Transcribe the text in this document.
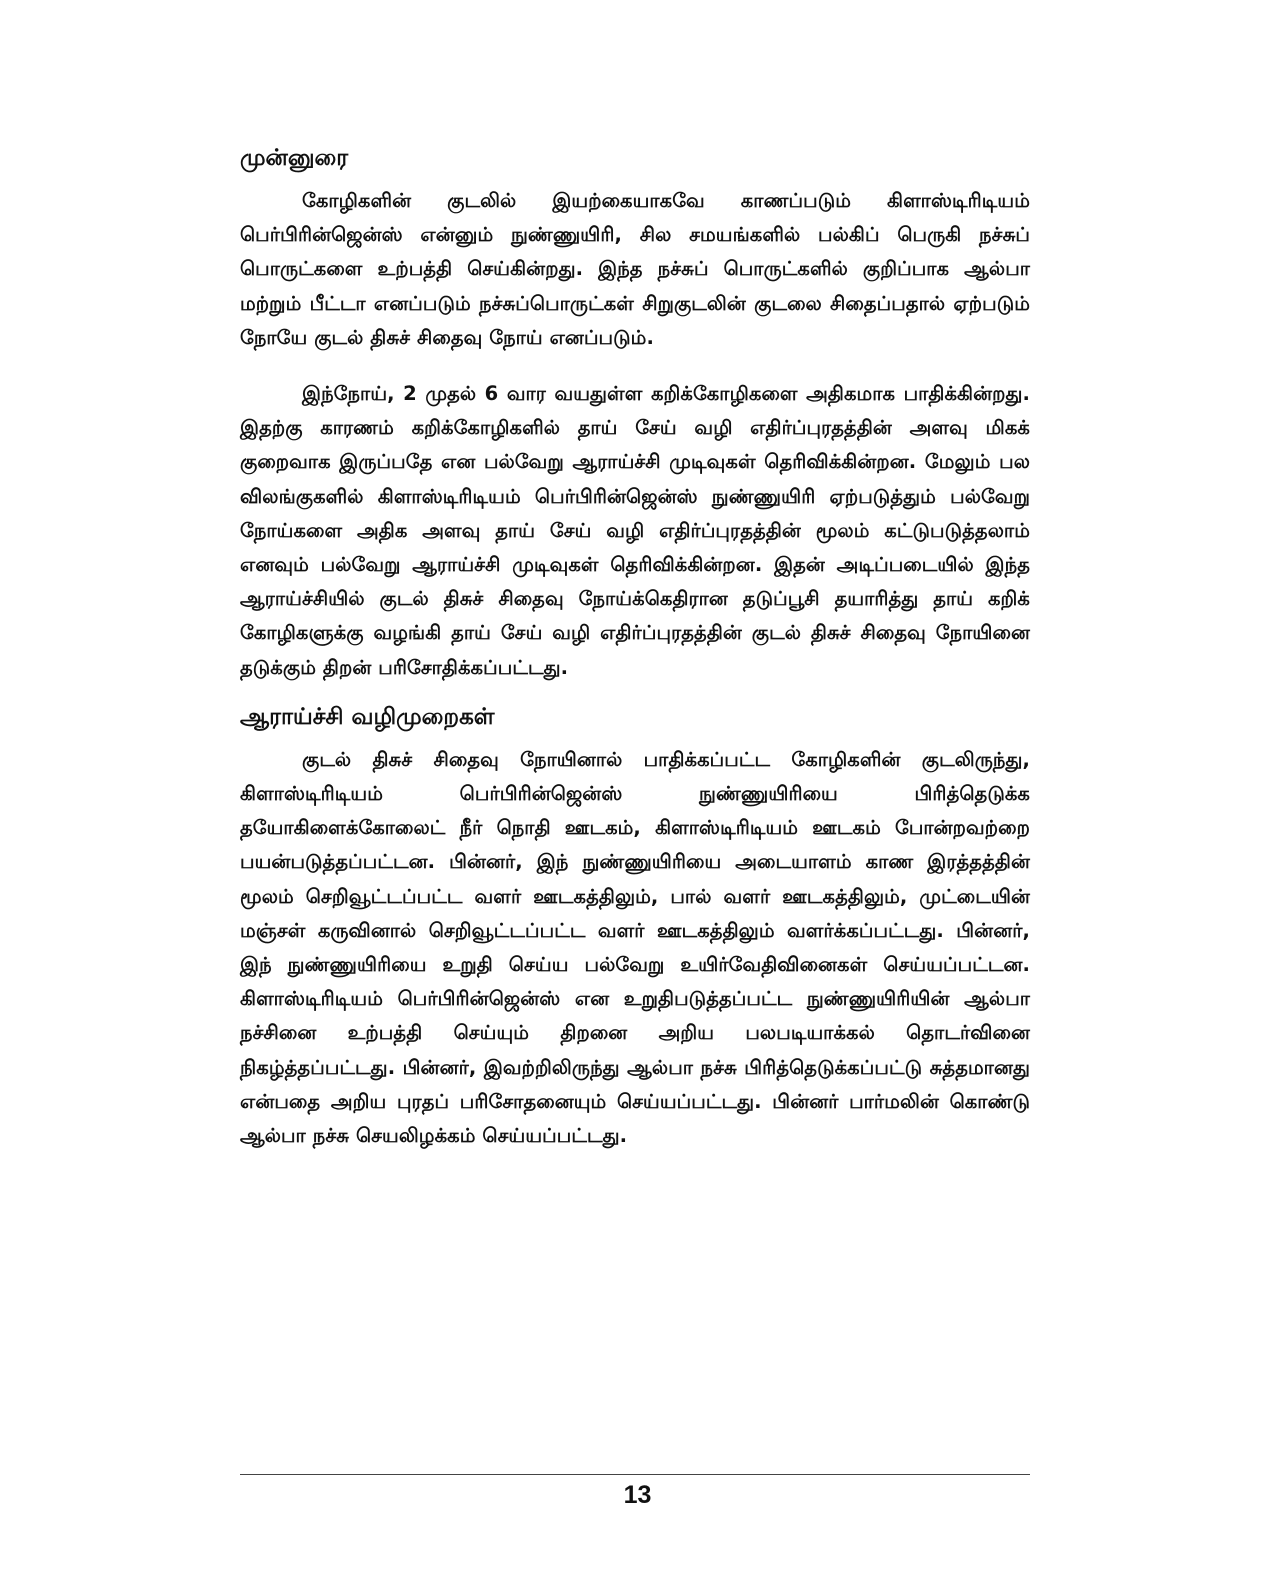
முன்னுரை

கோழிகளின் குடலில் இயற்கையாகவே காணப்படும் கிளாஸ்டிரிடியம் பெர்பிரின்ஜென்ஸ் என்னும் நுண்ணுயிரி, சில சமயங்களில் பல்கிப் பெருகி நச்சுப் பொருட்களை உற்பத்தி செய்கின்றது. இந்த நச்சுப் பொருட்களில் குறிப்பாக ஆல்பா மற்றும் பீட்டா எனப்படும் நச்சுப்பொருட்கள் சிறுகுடலின் குடலை சிதைப்பதால் ஏற்படும் நோயே குடல் திசுச் சிதைவு நோய் எனப்படும்.

இந்நோய், 2 முதல் 6 வார வயதுள்ள கறிக்கோழிகளை அதிகமாக பாதிக்கின்றது. இதற்கு காரணம் கறிக்கோழிகளில் தாய் சேய் வழி எதிர்ப்புரதத்தின் அளவு மிகக் குறைவாக இருப்பதே என பல்வேறு ஆராய்ச்சி முடிவுகள் தெரிவிக்கின்றன. மேலும் பல விலங்குகளில் கிளாஸ்டிரிடியம் பெர்பிரின்ஜென்ஸ் நுண்ணுயிரி ஏற்படுத்தும் பல்வேறு நோய்களை அதிக அளவு தாய் சேய் வழி எதிர்ப்புரதத்தின் மூலம் கட்டுபடுத்தலாம் எனவும் பல்வேறு ஆராய்ச்சி முடிவுகள் தெரிவிக்கின்றன. இதன் அடிப்படையில் இந்த ஆராய்ச்சியில் குடல் திசுச் சிதைவு நோய்க்கெதிரான தடுப்பூசி தயாரித்து தாய் கறிக் கோழிகளுக்கு வழங்கி தாய் சேய் வழி எதிர்ப்புரதத்தின் குடல் திசுச் சிதைவு நோயினை தடுக்கும் திறன் பரிசோதிக்கப்பட்டது.

ஆராய்ச்சி வழிமுறைகள்

குடல் திசுச் சிதைவு நோயினால் பாதிக்கப்பட்ட கோழிகளின் குடலிருந்து, கிளாஸ்டிரிடியம் பெர்பிரின்ஜென்ஸ் நுண்ணுயிரியை பிரித்தெடுக்க தயோகிளைக்கோலைட் நீர் நொதி ஊடகம், கிளாஸ்டிரிடியம் ஊடகம் போன்றவற்றை பயன்படுத்தப்பட்டன. பின்னர், இந் நுண்ணுயிரியை அடையாளம் காண இரத்தத்தின் மூலம் செறிவூட்டப்பட்ட வளர் ஊடகத்திலும், பால் வளர் ஊடகத்திலும், முட்டையின் மஞ்சள் கருவினால் செறிவூட்டப்பட்ட வளர் ஊடகத்திலும் வளர்க்கப்பட்டது. பின்னர், இந் நுண்ணுயிரியை உறுதி செய்ய பல்வேறு உயிர்வேதிவினைகள் செய்யப்பட்டன. கிளாஸ்டிரிடியம் பெர்பிரின்ஜென்ஸ் என உறுதிபடுத்தப்பட்ட நுண்ணுயிரியின் ஆல்பா நச்சினை உற்பத்தி செய்யும் திறனை அறிய பலபடியாக்கல் தொடர்வினை நிகழ்த்தப்பட்டது. பின்னர், இவற்றிலிருந்து ஆல்பா நச்சு பிரித்தெடுக்கப்பட்டு சுத்தமானது என்பதை அறிய புரதப் பரிசோதனையும் செய்யப்பட்டது. பின்னர் பார்மலின் கொண்டு ஆல்பா நச்சு செயலிழக்கம் செய்யப்பட்டது.

13
